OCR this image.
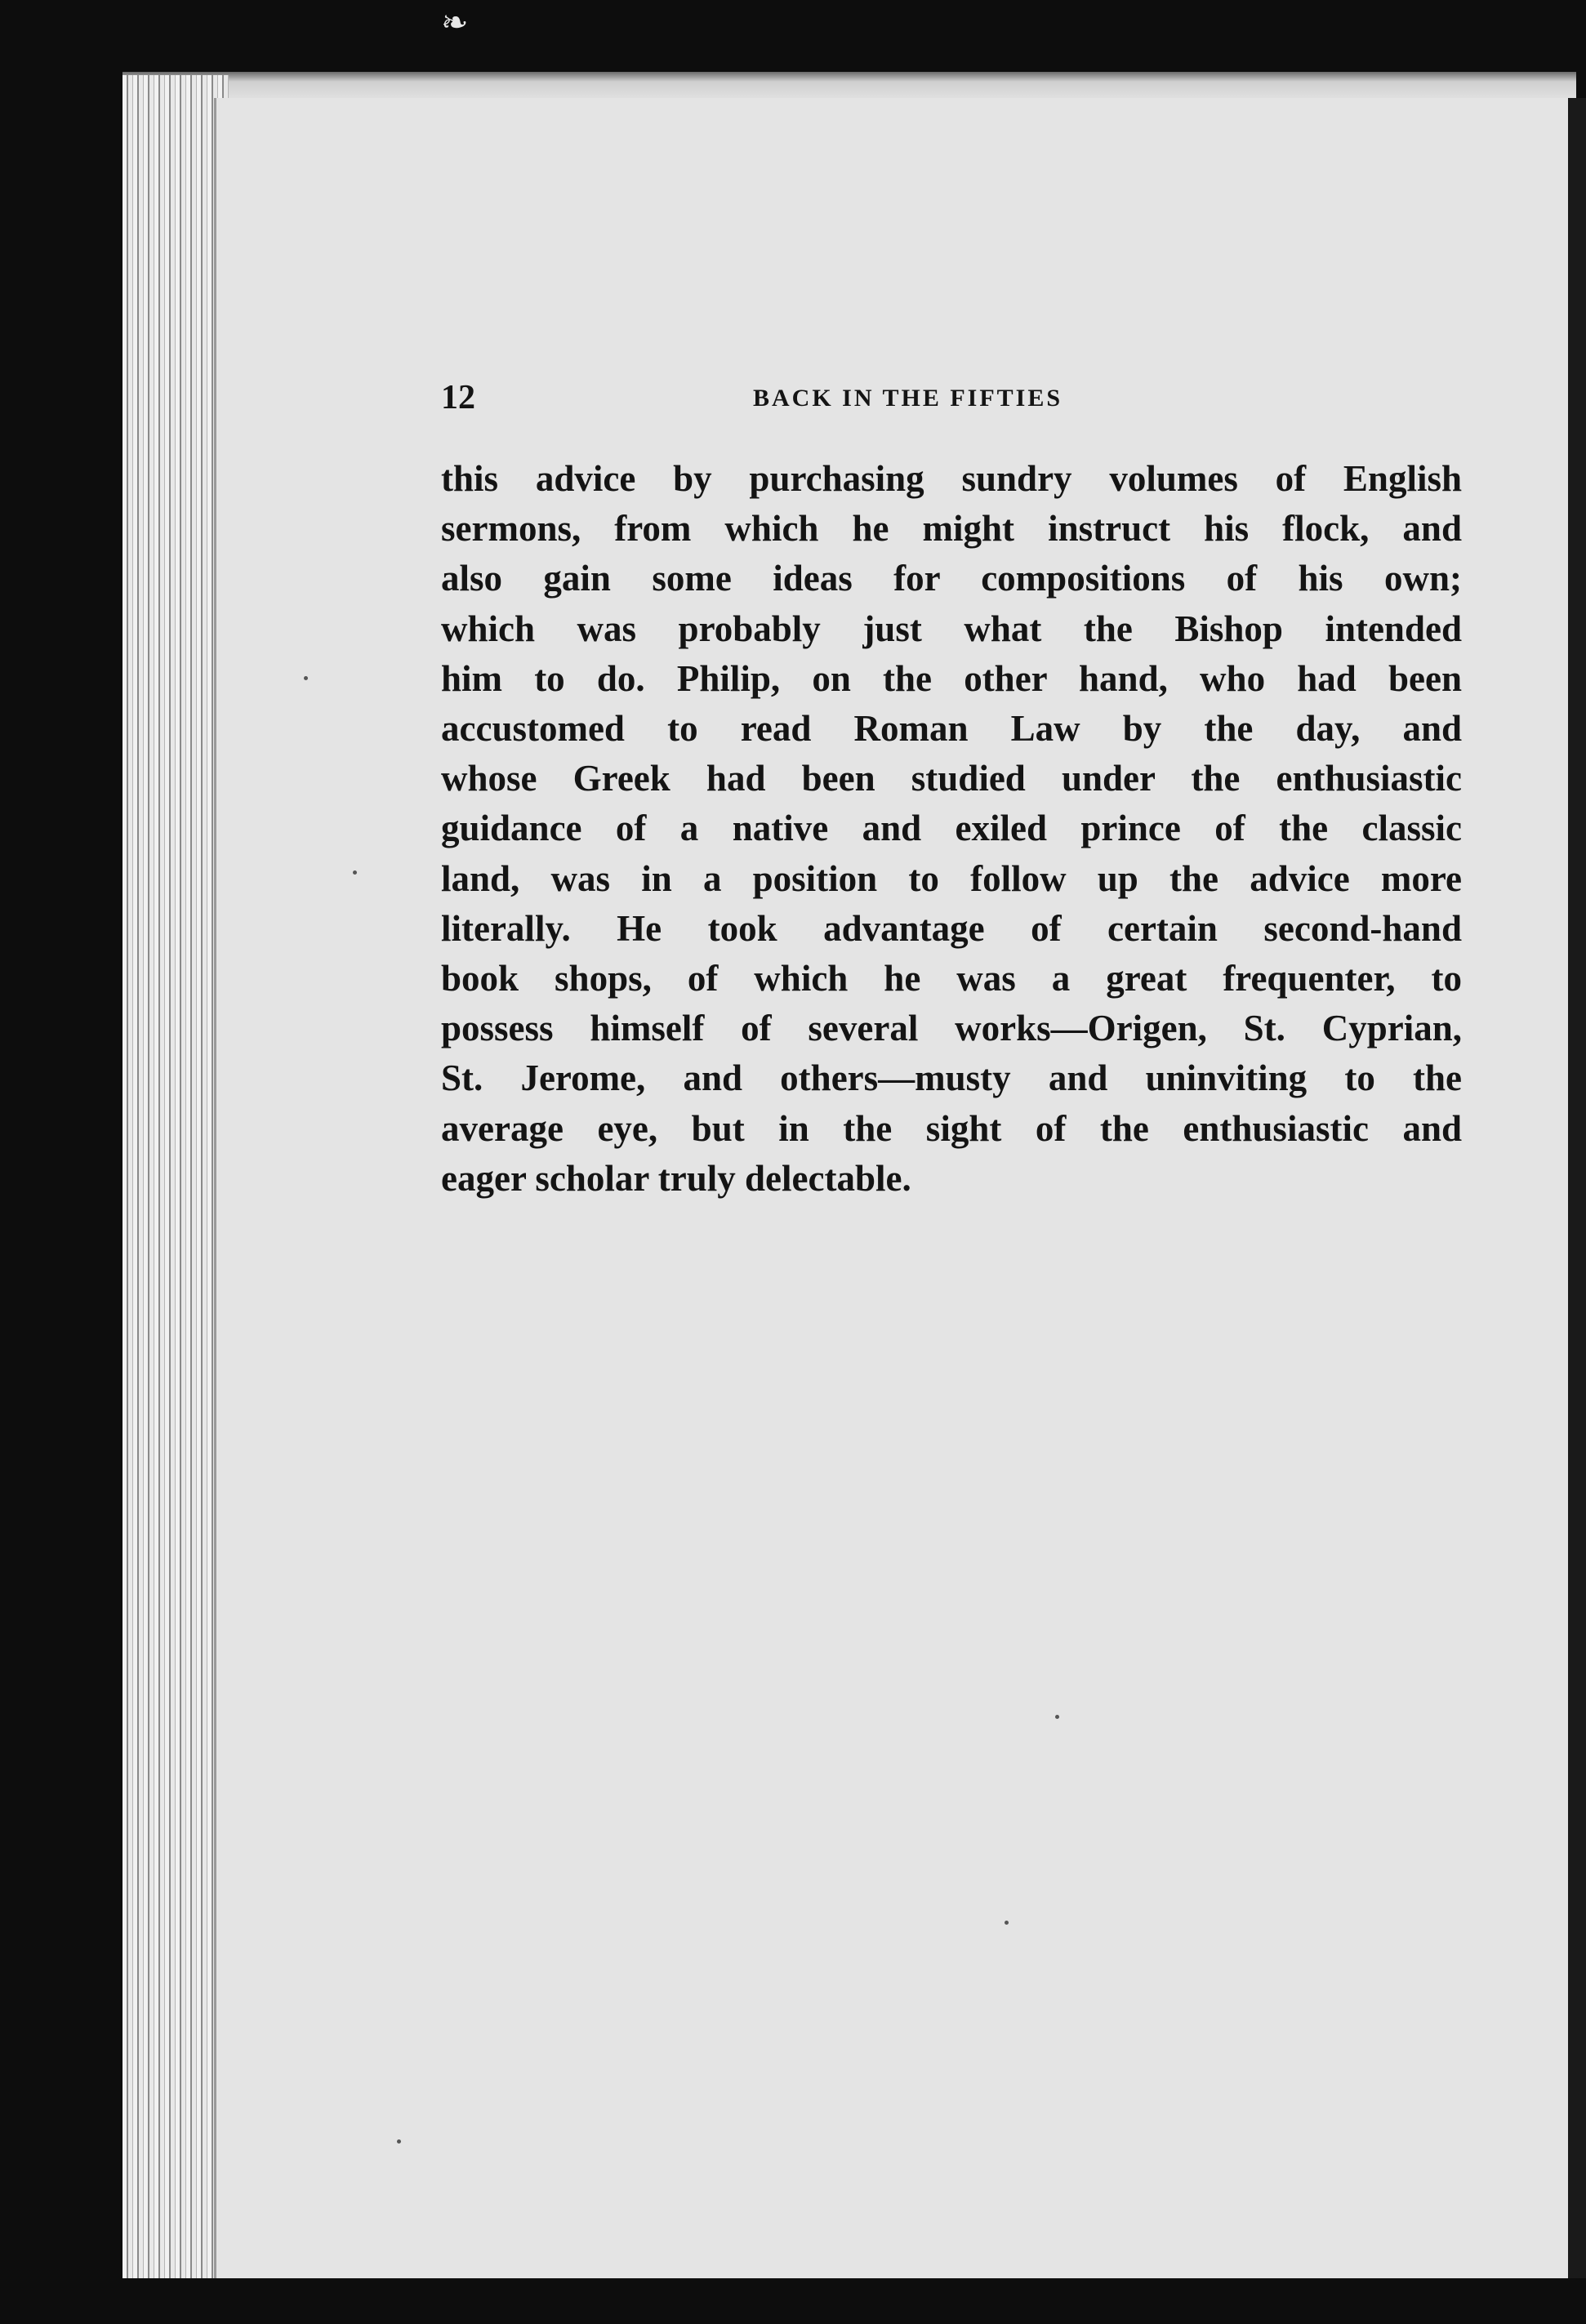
❧
12	BACK IN THE FIFTIES

this advice by purchasing sundry volumes of English
sermons, from which he might instruct his flock, and
also gain some ideas for compositions of his own;
which was probably just what the Bishop intended
him to do. Philip, on the other hand, who had been
accustomed to read Roman Law by the day, and
whose Greek had been studied under the enthusiastic
guidance of a native and exiled prince of the classic
land, was in a position to follow up the advice more
literally. He took advantage of certain second-hand
book shops, of which he was a great frequenter, to
possess himself of several works—Origen, St. Cyprian,
St. Jerome, and others—musty and uninviting to the
average eye, but in the sight of the enthusiastic and
eager scholar truly delectable.
